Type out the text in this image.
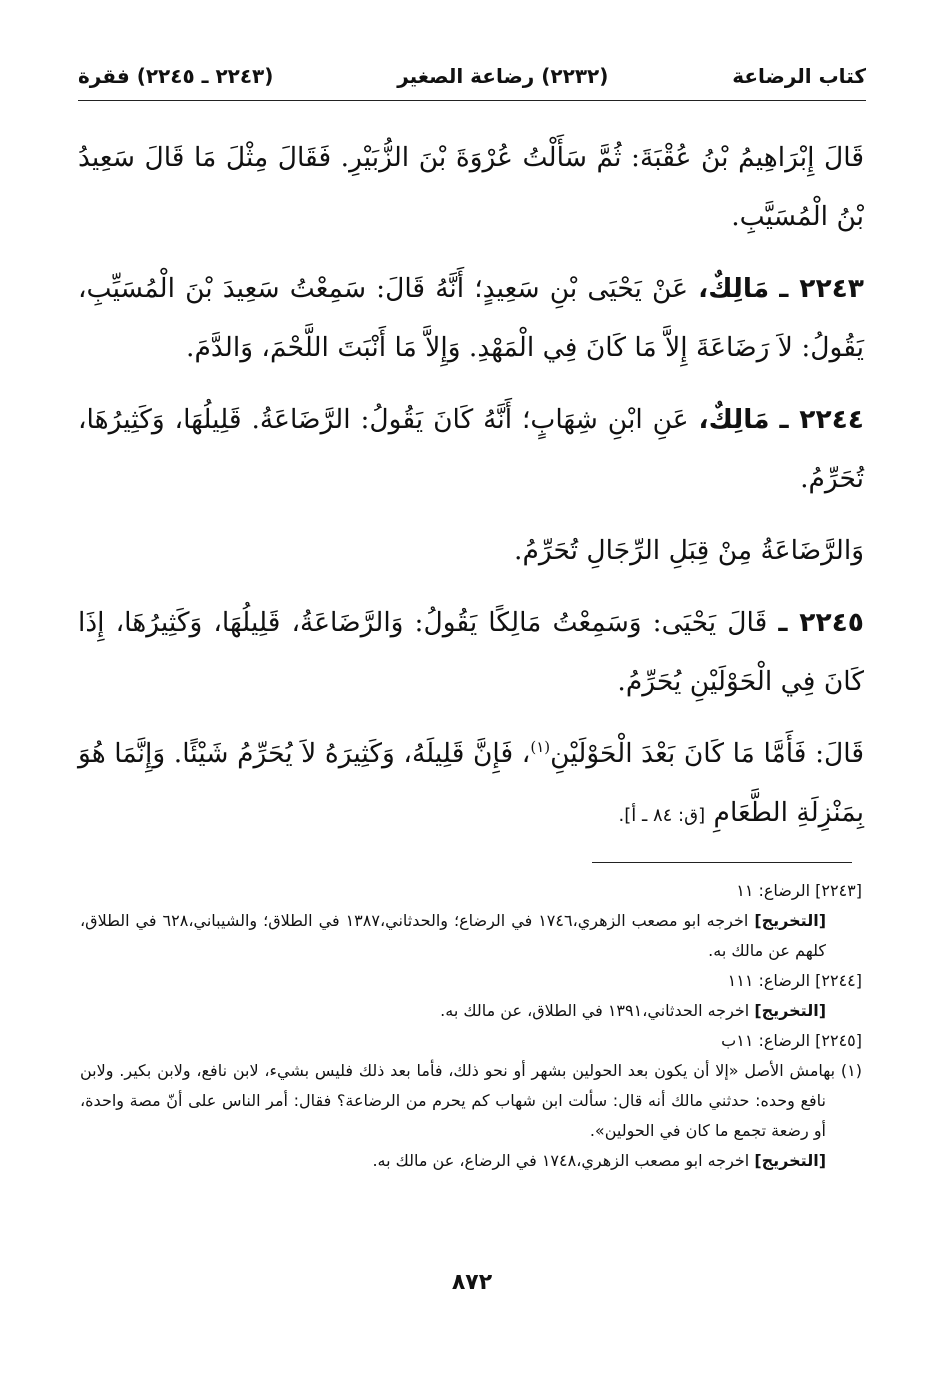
كتاب الرضاعة
(٢٢٣٢) رضاعة الصغير
(٢٢٤٣ ـ ٢٢٤٥) فقرة

قَالَ إِبْرَاهِيمُ بْنُ عُقْبَةَ: ثُمَّ سَأَلْتُ عُرْوَةَ بْنَ الزُّبَيْرِ. فَقَالَ مِثْلَ مَا قَالَ سَعِيدُ بْنُ الْمُسَيَّبِ.

٢٢٤٣ ـ مَالِكٌ، عَنْ يَحْيَى بْنِ سَعِيدٍ؛ أَنَّهُ قَالَ: سَمِعْتُ سَعِيدَ بْنَ الْمُسَيِّبِ، يَقُولُ: لاَ رَضَاعَةَ إِلاَّ مَا كَانَ فِي الْمَهْدِ. وَإِلاَّ مَا أَنْبَتَ اللَّحْمَ، وَالدَّمَ.

٢٢٤٤ ـ مَالِكٌ، عَنِ ابْنِ شِهَابٍ؛ أَنَّهُ كَانَ يَقُولُ: الرَّضَاعَةُ. قَلِيلُهَا، وَكَثِيرُهَا، تُحَرِّمُ.

وَالرَّضَاعَةُ مِنْ قِبَلِ الرِّجَالِ تُحَرِّمُ.

٢٢٤٥ ـ قَالَ يَحْيَى: وَسَمِعْتُ مَالِكًا يَقُولُ: وَالرَّضَاعَةُ، قَلِيلُهَا، وَكَثِيرُهَا، إِذَا كَانَ فِي الْحَوْلَيْنِ يُحَرِّمُ.

قَالَ: فَأَمَّا مَا كَانَ بَعْدَ الْحَوْلَيْنِ$^{(١)}$، فَإِنَّ قَلِيلَهُ، وَكَثِيرَهُ لاَ يُحَرِّمُ شَيْئًا. وَإِنَّمَا هُوَ بِمَنْزِلَةِ الطَّعَامِ [ق: ٨٤ ـ أ].

[٢٢٤٣] الرضاع: ١١

[التخريج] اخرجه ابو مصعب الزهري،١٧٤٦ في الرضاع؛ والحدثاني،١٣٨٧ في الطلاق؛ والشيباني،٦٢٨ في الطلاق، كلهم عن مالك به.

[٢٢٤٤] الرضاع: ١١١

[التخريج] اخرجه الحدثاني،١٣٩١ في الطلاق، عن مالك به.

[٢٢٤٥] الرضاع: ١١ب

(١) بهامش الأصل «إلا أن يكون بعد الحولين بشهر أو نحو ذلك، فأما بعد ذلك فليس بشيء، لابن نافع، ولابن بكير. ولابن نافع وحده: حدثني مالك أنه قال: سألت ابن شهاب كم يحرم من الرضاعة؟ فقال: أمر الناس على أنّ مصة واحدة، أو رضعة تجمع ما كان في الحولين».

[التخريج] اخرجه ابو مصعب الزهري،١٧٤٨ في الرضاع، عن مالك به.

٨٧٢
